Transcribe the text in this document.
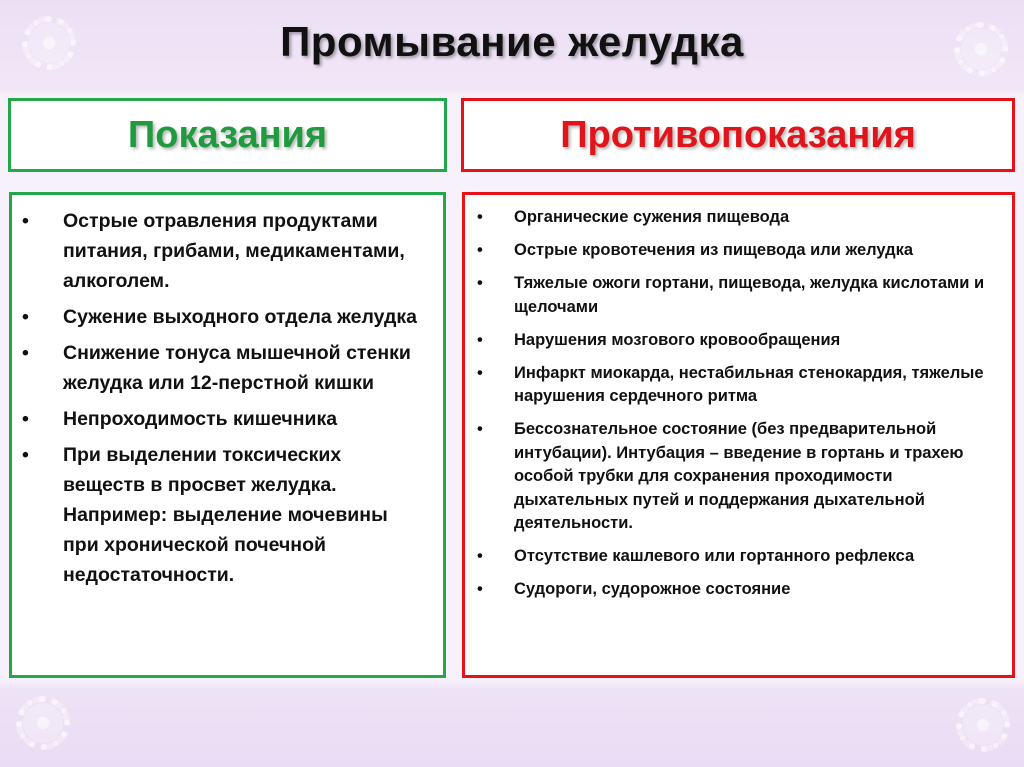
Промывание желудка
Показания	Противопоказания
• Острые отравления продуктами питания, грибами, медикаментами, алкоголем.
• Сужение выходного отдела желудка
• Снижение тонуса мышечной стенки желудка или 12-перстной кишки
• Непроходимость кишечника
• При выделении токсических веществ в просвет желудка. Например: выделение мочевины при хронической почечной недостаточности.
• Органические сужения пищевода
• Острые кровотечения из пищевода или желудка
• Тяжелые ожоги гортани, пищевода, желудка кислотами и щелочами
• Нарушения мозгового кровообращения
• Инфаркт миокарда, нестабильная стенокардия, тяжелые нарушения сердечного ритма
• Бессознательное состояние (без предварительной интубации). Интубация – введение в гортань и трахею особой трубки для сохранения проходимости дыхательных путей и поддержания дыхательной деятельности.
• Отсутствие кашлевого или гортанного рефлекса
• Судороги, судорожное состояние
